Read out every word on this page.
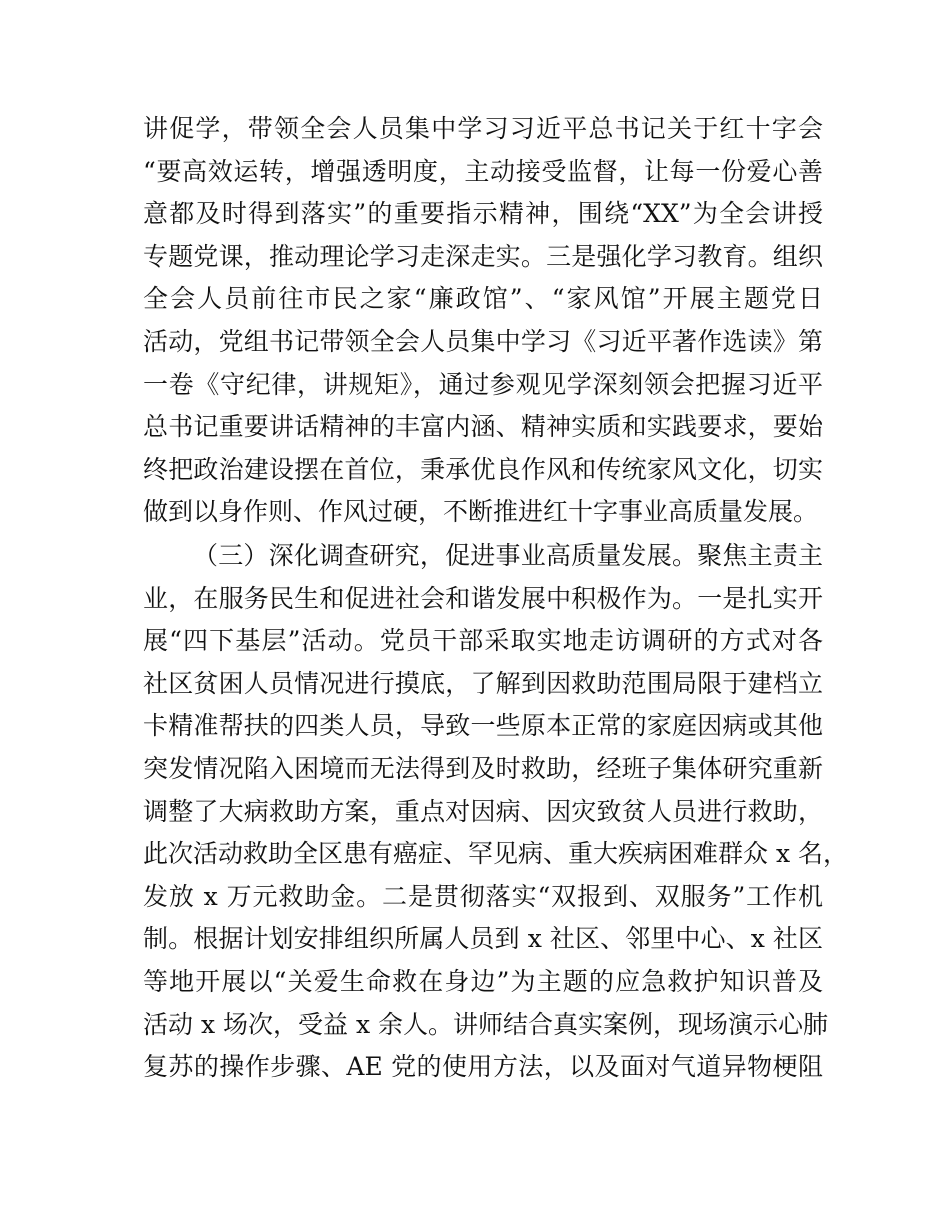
讲促学，带领全会人员集中学习习近平总书记关于红十字会
“要高效运转，增强透明度，主动接受监督，让每一份爱心善
意都及时得到落实”的重要指示精神，围绕“XX”为全会讲授
专题党课，推动理论学习走深走实。三是强化学习教育。组织
全会人员前往市民之家“廉政馆”、“家风馆”开展主题党日
活动，党组书记带领全会人员集中学习《习近平著作选读》第
一卷《守纪律，讲规矩》，通过参观见学深刻领会把握习近平
总书记重要讲话精神的丰富内涵、精神实质和实践要求，要始
终把政治建设摆在首位，秉承优良作风和传统家风文化，切实
做到以身作则、作风过硬，不断推进红十字事业高质量发展。
（三）深化调查研究，促进事业高质量发展。聚焦主责主
业，在服务民生和促进社会和谐发展中积极作为。一是扎实开
展“四下基层”活动。党员干部采取实地走访调研的方式对各
社区贫困人员情况进行摸底，了解到因救助范围局限于建档立
卡精准帮扶的四类人员，导致一些原本正常的家庭因病或其他
突发情况陷入困境而无法得到及时救助，经班子集体研究重新
调整了大病救助方案，重点对因病、因灾致贫人员进行救助，
此次活动救助全区患有癌症、罕见病、重大疾病困难群众 x 名，
发放 x 万元救助金。二是贯彻落实“双报到、双服务”工作机
制。根据计划安排组织所属人员到 x 社区、邻里中心、x 社区
等地开展以“关爱生命救在身边”为主题的应急救护知识普及
活动 x 场次，受益 x 余人。讲师结合真实案例，现场演示心肺
复苏的操作步骤、AE 党的使用方法，以及面对气道异物梗阻
